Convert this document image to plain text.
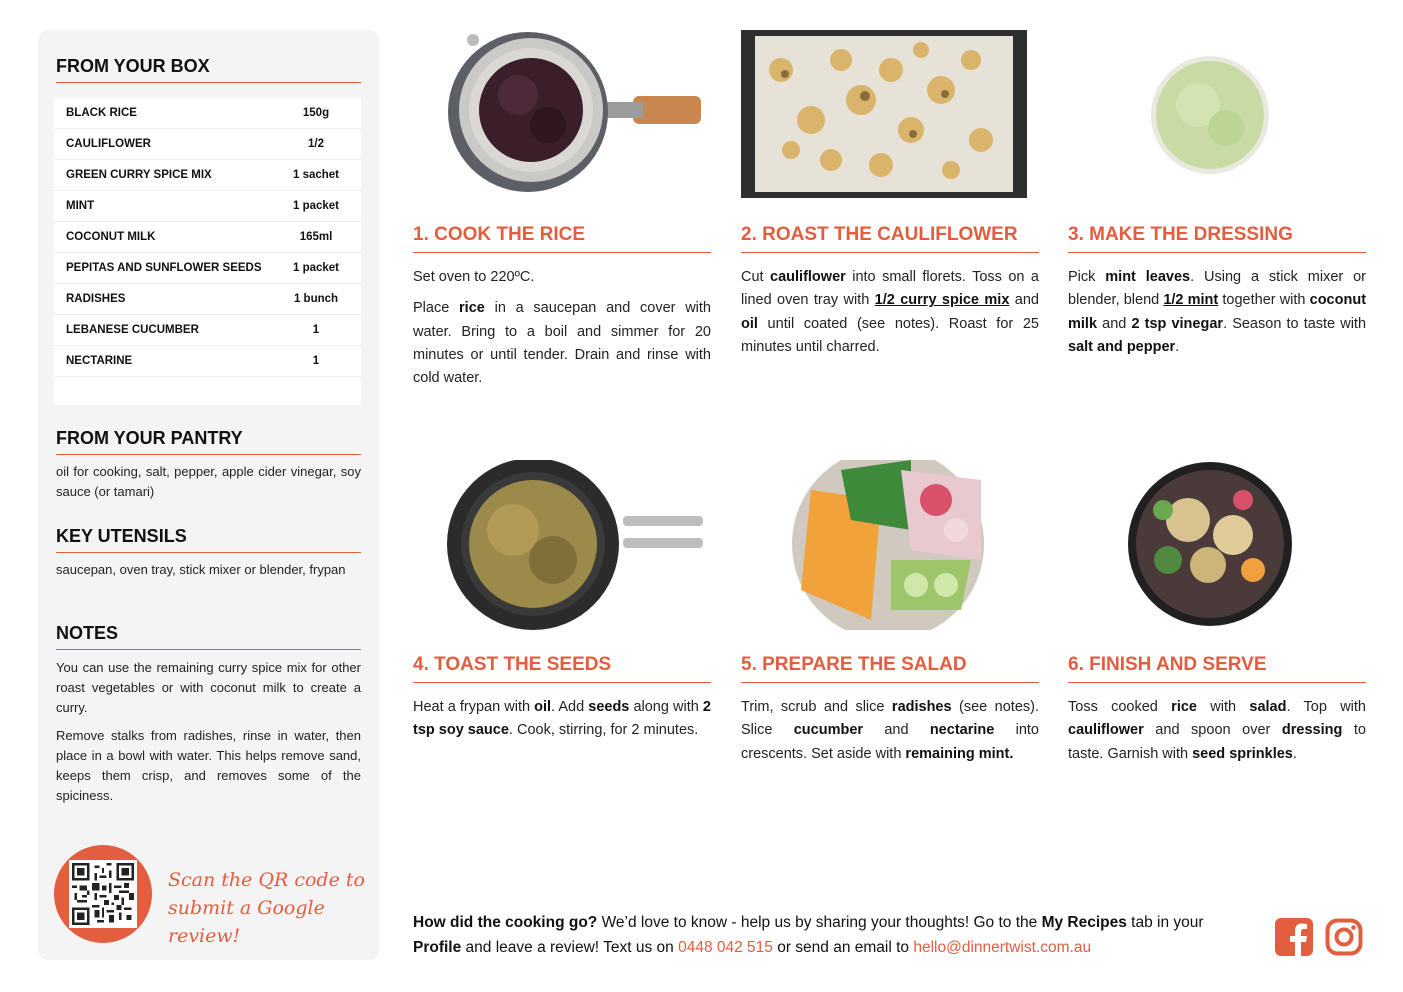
FROM YOUR BOX
BLACK RICE	150g
CAULIFLOWER	1/2
GREEN CURRY SPICE MIX	1 sachet
MINT	1 packet
COCONUT MILK	165ml
PEPITAS AND SUNFLOWER SEEDS	1 packet
RADISHES	1 bunch
LEBANESE CUCUMBER	1
NECTARINE	1
FROM YOUR PANTRY
oil for cooking, salt, pepper, apple cider vinegar, soy sauce (or tamari)
KEY UTENSILS
saucepan, oven tray, stick mixer or blender, frypan
NOTES

You can use the remaining curry spice mix for other roast vegetables or with coconut milk to create a curry.

Remove stalks from radishes, rinse in water, then place in a bowl with water. This helps remove sand, keeps them crisp, and removes some of the spiciness.

Scan the QR code to
submit a Google review!
1. COOK THE RICE

Set oven to 220ºC.

Place rice in a saucepan and cover with water. Bring to a boil and simmer for 20 minutes or until tender. Drain and rinse with cold water.

2. ROAST THE CAULIFLOWER

Cut cauliflower into small florets. Toss on a lined oven tray with 1/2 curry spice mix and oil until coated (see notes). Roast for 25 minutes until charred.

3. MAKE THE DRESSING

Pick mint leaves. Using a stick mixer or blender, blend 1/2 mint together with coconut milk and 2 tsp vinegar. Season to taste with salt and pepper.

4. TOAST THE SEEDS

Heat a frypan with oil. Add seeds along with 2 tsp soy sauce. Cook, stirring, for 2 minutes.

5. PREPARE THE SALAD

Trim, scrub and slice radishes (see notes). Slice cucumber and nectarine into crescents. Set aside with remaining mint.

6. FINISH AND SERVE

Toss cooked rice with salad. Top with cauliflower and spoon over dressing to taste. Garnish with seed sprinkles.

How did the cooking go? We’d love to know - help us by sharing your thoughts! Go to the My Recipes tab in your Profile and leave a review! Text us on 0448 042 515 or send an email to hello@dinnertwist.com.au
